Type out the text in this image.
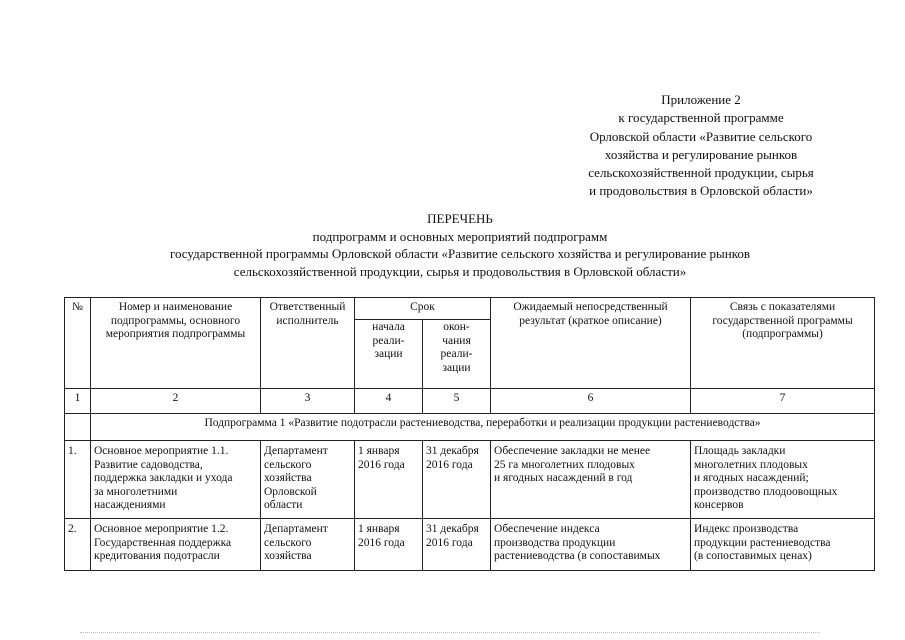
Приложение 2
к государственной программе
Орловской области «Развитие сельского
хозяйства и регулирование рынков
сельскохозяйственной продукции, сырья
и продовольствия в Орловской области»
ПЕРЕЧЕНЬ
подпрограмм и основных мероприятий подпрограмм
государственной программы Орловской области «Развитие сельского хозяйства и регулирование рынков
сельскохозяйственной продукции, сырья и продовольствия в Орловской области»
№	Номер и наименование
подпрограммы, основного
мероприятия подпрограммы	Ответственный
исполнитель	Срок		Ожидаемый непосредственный
результат (краткое описание)	Связь с показателями
государственной программы
(подпрограммы)

			начала
реали-
зации	окон-
чания
реали-
зации		

1	2	3	4	5	6	7
	Подпрограмма 1 «Развитие подотрасли растениеводства, переработки и реализации продукции растениеводства»					
1.	Основное мероприятие 1.1.
Развитие садоводства,
поддержка закладки и ухода
за многолетними
насаждениями	Департамент
сельского
хозяйства
Орловской
области	1 января
2016 года	31 декабря
2016 года	Обеспечение закладки не менее
25 га многолетних плодовых
и ягодных насаждений в год	Площадь закладки
многолетних плодовых
и ягодных насаждений;
производство плодоовощных
консервов

2.	Основное мероприятие 1.2.
Государственная поддержка
кредитования подотрасли	Департамент
сельского
хозяйства	1 января
2016 года	31 декабря
2016 года	Обеспечение индекса
производства продукции
растениеводства (в сопоставимых	Индекс производства
продукции растениеводства
(в сопоставимых ценах)
